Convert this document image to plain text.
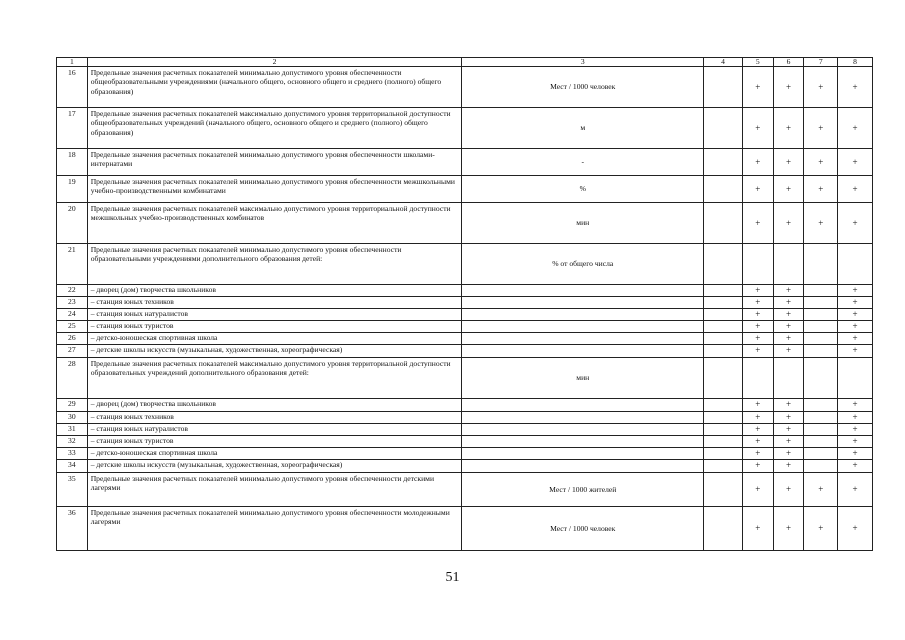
1	2	3	4	5	6	7	8
16	Предельные значения расчетных показателей минимально допустимого уровня обеспеченности общеобразовательными учреждениями (начального общего, основного общего и среднего (полного) общего образования)	Мест / 1000 человек		+	+	+	+
17	Предельные значения расчетных показателей максимально допустимого уровня территориальной доступности общеобразовательных учреждений (начального общего, основного общего и среднего (полного) общего образования)	м		+	+	+	+
18	Предельные значения расчетных показателей минимально допустимого уровня обеспеченности школами-интернатами	-		+	+	+	+
19	Предельные значения расчетных показателей минимально допустимого уровня обеспеченности межшкольными учебно-производственными комбинатами	%		+	+	+	+
20	Предельные значения расчетных показателей максимально допустимого уровня территориальной доступности межшкольных учебно-производственных комбинатов	мин		+	+	+	+
21	Предельные значения расчетных показателей минимально допустимого уровня обеспеченности образовательными учреждениями дополнительного образования детей:	% от общего числа					
22	– дворец (дом) творчества школьников			+	+		+
23	– станция юных техников			+	+		+
24	– станция юных натуралистов			+	+		+
25	– станция юных туристов			+	+		+
26	– детско-юношеская спортивная школа			+	+		+
27	– детские школы искусств (музыкальная, художественная, хореографическая)			+	+		+
28	Предельные значения расчетных показателей максимально допустимого уровня территориальной доступности образовательных учреждений дополнительного образования детей:	мин					
29	– дворец (дом) творчества школьников			+	+		+
30	– станция юных техников			+	+		+
31	– станция юных натуралистов			+	+		+
32	– станция юных туристов			+	+		+
33	– детско-юношеская спортивная школа			+	+		+
34	– детские школы искусств (музыкальная, художественная, хореографическая)			+	+		+
35	Предельные значения расчетных показателей минимально допустимого уровня обеспеченности детскими лагерями	Мест / 1000 жителей		+	+	+	+
36	Предельные значения расчетных показателей минимально допустимого уровня обеспеченности молодежными лагерями	Мест / 1000 человек		+	+	+	+
51
